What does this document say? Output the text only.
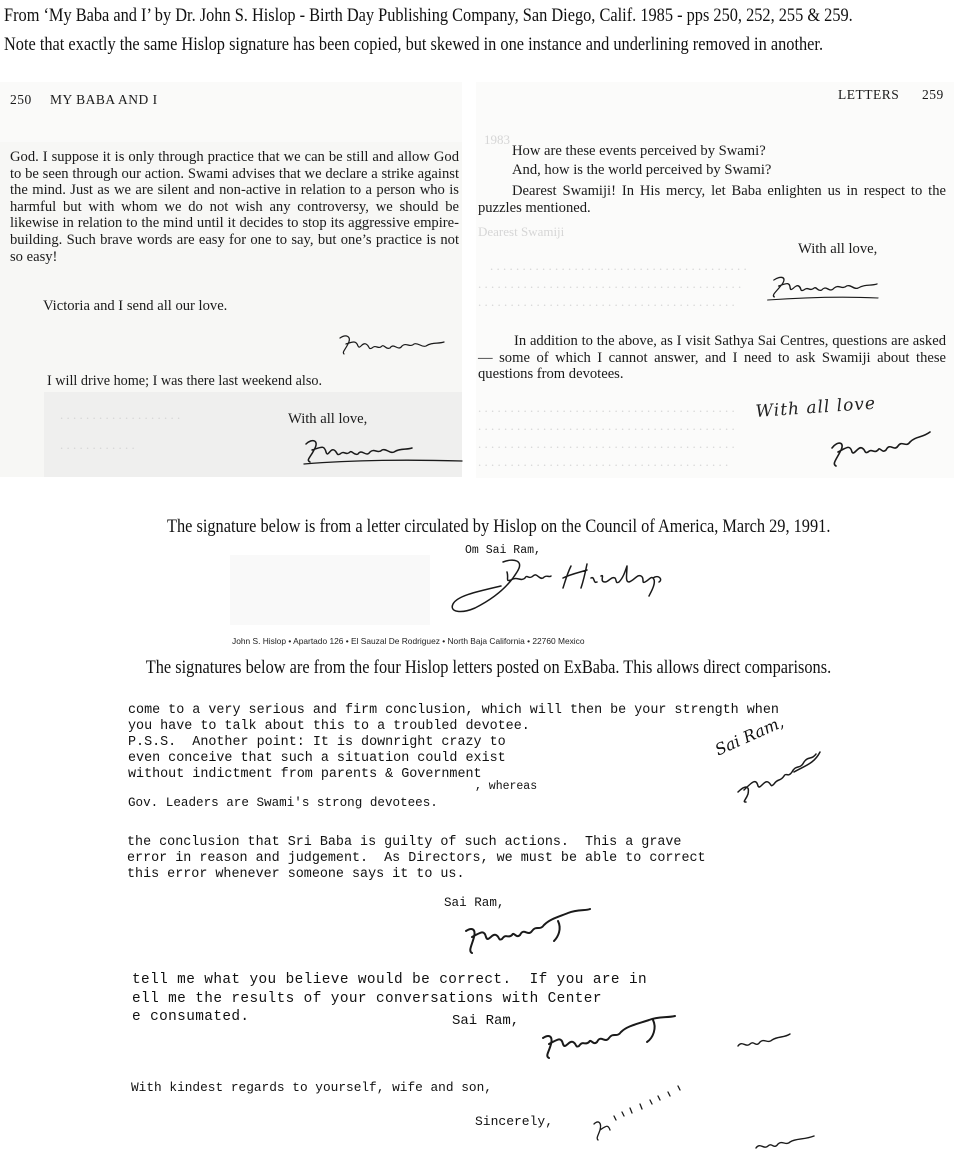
From ‘My Baba and I’ by Dr. John S. Hislop - Birth Day Publishing Company, San Diego, Calif. 1985 - pps 250, 252, 255 & 259.
Note that exactly the same Hislop signature has been copied, but skewed in one instance and underlining removed in another.
. . . . . . . . . . . . . . . . . . .
. . . . . . . . . . . .
250 MY BABA AND I
God. I suppose it is only through practice that we can be still and allow God to be seen through our action. Swami advises that we declare a strike against the mind. Just as we are silent and non-active in relation to a person who is harmful but with whom we do not wish any controversy, we should be likewise in relation to the mind until it decides to stop its aggressive empire-building. Such brave words are easy for one to say, but one’s practice is not so easy!
Victoria and I send all our love.
I will drive home; I was there last weekend also.
With all love,
1983
Dearest Swamiji
. . . . . . . . . . . . . . . . . . . . . . . . . . . . . . . . . . . . . . . .
. . . . . . . . . . . . . . . . . . . . . . . . . . . . . . . . . . . . . . . . .
. . . . . . . . . . . . . . . . . . . . . . . . . . . . . . . . . . . . . . . .
. . . . . . . . . . . . . . . . . . . . . . . . . . . . . . . . . . . . . . . .
. . . . . . . . . . . . . . . . . . . . . . . . . . . . . . . . . . . . . . . .
. . . . . . . . . . . . . . . . . . . . . . . . . . . . . . . . . . . . . . . .
. . . . . . . . . . . . . . . . . . . . . . . . . . . . . . . . . . . . . . .
LETTERS 259
How are these events perceived by Swami?
And, how is the world perceived by Swami?
Dearest Swamiji! In His mercy, let Baba enlighten us in respect to the puzzles mentioned.
With all love,
In addition to the above, as I visit Sathya Sai Centres, questions are asked — some of which I cannot answer, and I need to ask Swamiji about these questions from devotees.
With all love
The signature below is from a letter circulated by Hislop on the Council of America, March 29, 1991.
Om Sai Ram,
John S. Hislop • Apartado 126 • El Sauzal De Rodriguez • North Baja California • 22760 Mexico
The signatures below are from the four Hislop letters posted on ExBaba. This allows direct comparisons.
come to a very serious and firm conclusion, which will then be your strength when
you have to talk about this to a troubled devotee.
P.S.S.  Another point: It is downright crazy to
even conceive that such a situation could exist
without indictment from parents & Government
, whereas
Gov. Leaders are Swami's strong devotees.
Sai Ram,
the conclusion that Sri Baba is guilty of such actions.  This a grave
error in reason and judgement.  As Directors, we must be able to correct
this error whenever someone says it to us.
Sai Ram,
tell me what you believe would be correct.  If you are in
ell me the results of your conversations with Center
e consumated.	Sai Ram,
With kindest regards to yourself, wife and son,
Sincerely,
